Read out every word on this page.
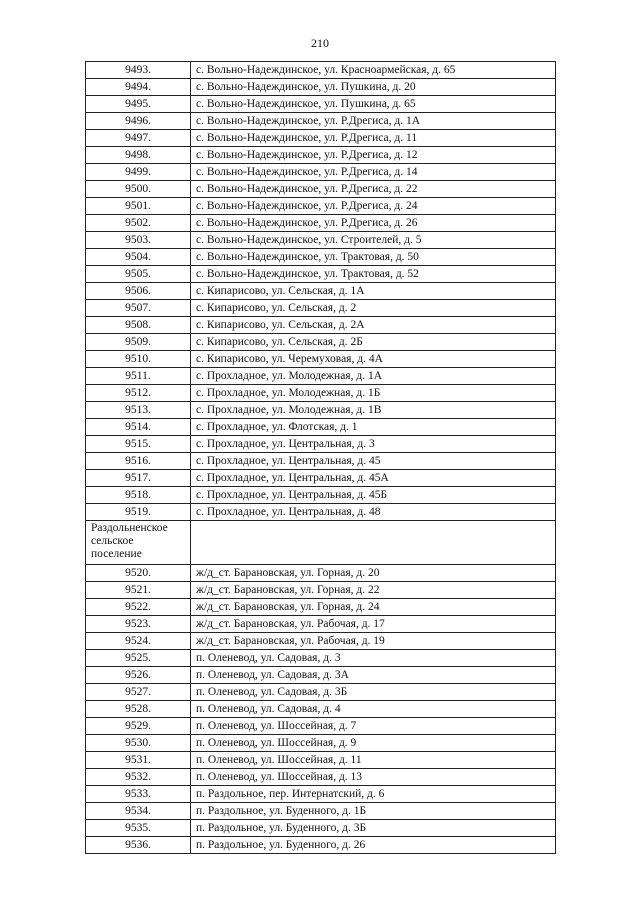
210
9493.	с. Вольно-Надеждинское, ул. Красноармейская, д. 65
9494.	с. Вольно-Надеждинское, ул. Пушкина, д. 20
9495.	с. Вольно-Надеждинское, ул. Пушкина, д. 65
9496.	с. Вольно-Надеждинское, ул. Р.Дрегиса, д. 1А
9497.	с. Вольно-Надеждинское, ул. Р.Дрегиса, д. 11
9498.	с. Вольно-Надеждинское, ул. Р.Дрегиса, д. 12
9499.	с. Вольно-Надеждинское, ул. Р.Дрегиса, д. 14
9500.	с. Вольно-Надеждинское, ул. Р.Дрегиса, д. 22
9501.	с. Вольно-Надеждинское, ул. Р.Дрегиса, д. 24
9502.	с. Вольно-Надеждинское, ул. Р.Дрегиса, д. 26
9503.	с. Вольно-Надеждинское, ул. Строителей, д. 5
9504.	с. Вольно-Надеждинское, ул. Трактовая, д. 50
9505.	с. Вольно-Надеждинское, ул. Трактовая, д. 52
9506.	с. Кипарисово, ул. Сельская, д. 1А
9507.	с. Кипарисово, ул. Сельская, д. 2
9508.	с. Кипарисово, ул. Сельская, д. 2А
9509.	с. Кипарисово, ул. Сельская, д. 2Б
9510.	с. Кипарисово, ул. Черемуховая, д. 4А
9511.	с. Прохладное, ул. Молодежная, д. 1А
9512.	с. Прохладное, ул. Молодежная, д. 1Б
9513.	с. Прохладное, ул. Молодежная, д. 1В
9514.	с. Прохладное, ул. Флотская, д. 1
9515.	с. Прохладное, ул. Центральная, д. 3
9516.	с. Прохладное, ул. Центральная, д. 45
9517.	с. Прохладное, ул. Центральная, д. 45А
9518.	с. Прохладное, ул. Центральная, д. 45Б
9519.	с. Прохладное, ул. Центральная, д. 48
Раздольненское сельское поселение	
9520.	ж/д_ст. Барановская, ул. Горная, д. 20
9521.	ж/д_ст. Барановская, ул. Горная, д. 22
9522.	ж/д_ст. Барановская, ул. Горная, д. 24
9523.	ж/д_ст. Барановская, ул. Рабочая, д. 17
9524.	ж/д_ст. Барановская, ул. Рабочая, д. 19
9525.	п. Оленевод, ул. Садовая, д. 3
9526.	п. Оленевод, ул. Садовая, д. 3А
9527.	п. Оленевод, ул. Садовая, д. 3Б
9528.	п. Оленевод, ул. Садовая, д. 4
9529.	п. Оленевод, ул. Шоссейная, д. 7
9530.	п. Оленевод, ул. Шоссейная, д. 9
9531.	п. Оленевод, ул. Шоссейная, д. 11
9532.	п. Оленевод, ул. Шоссейная, д. 13
9533.	п. Раздольное, пер. Интернатский, д. 6
9534.	п. Раздольное, ул. Буденного, д. 1Б
9535.	п. Раздольное, ул. Буденного, д. 3Б
9536.	п. Раздольное, ул. Буденного, д. 26
